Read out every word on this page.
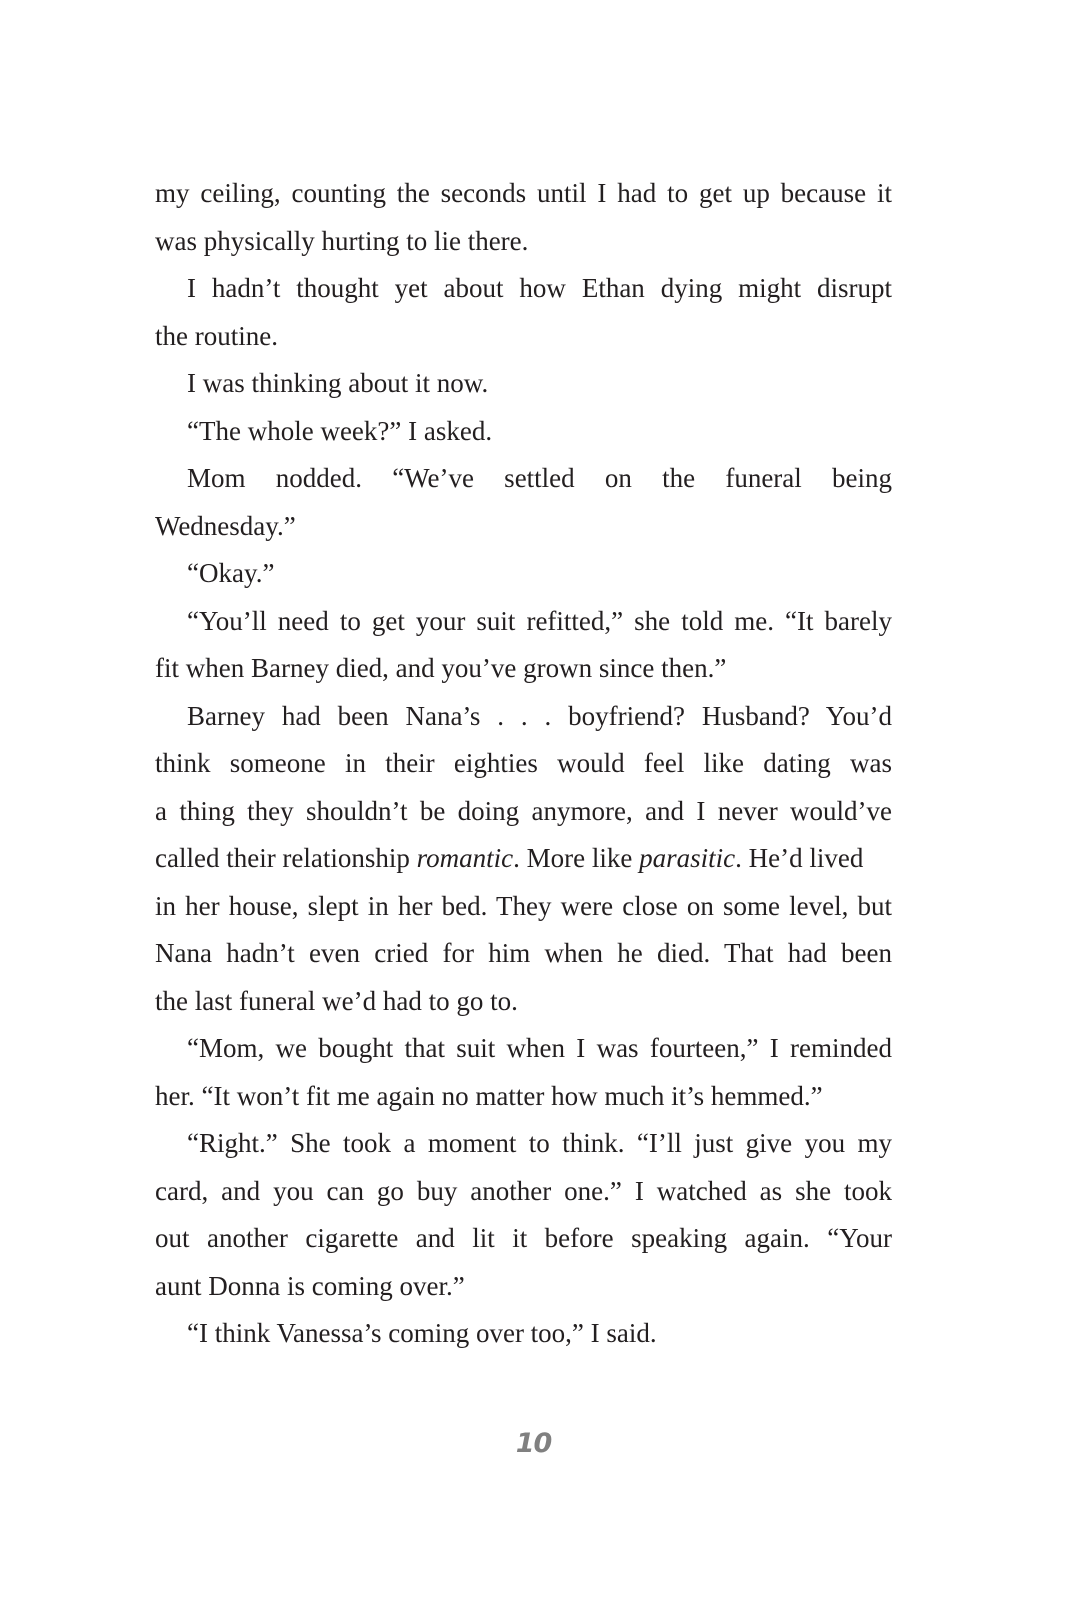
my ceiling, counting the seconds until I had to get up because it
was physically hurting to lie there.
I hadn’t thought yet about how Ethan dying might disrupt
the routine.
I was thinking about it now.
“The whole week?” I asked.
Mom nodded. “We’ve settled on the funeral being
Wednesday.”
“Okay.”
“You’ll need to get your suit refitted,” she told me. “It barely
fit when Barney died, and you’ve grown since then.”
Barney had been Nana’s . . . boyfriend? Husband? You’d
think someone in their eighties would feel like dating was
a thing they shouldn’t be doing anymore, and I never would’ve
called their relationship romantic. More like parasitic. He’d lived
in her house, slept in her bed. They were close on some level, but
Nana hadn’t even cried for him when he died. That had been
the last funeral we’d had to go to.
“Mom, we bought that suit when I was fourteen,” I reminded
her. “It won’t fit me again no matter how much it’s hemmed.”
“Right.” She took a moment to think. “I’ll just give you my
card, and you can go buy another one.” I watched as she took
out another cigarette and lit it before speaking again. “Your
aunt Donna is coming over.”
“I think Vanessa’s coming over too,” I said.
10
